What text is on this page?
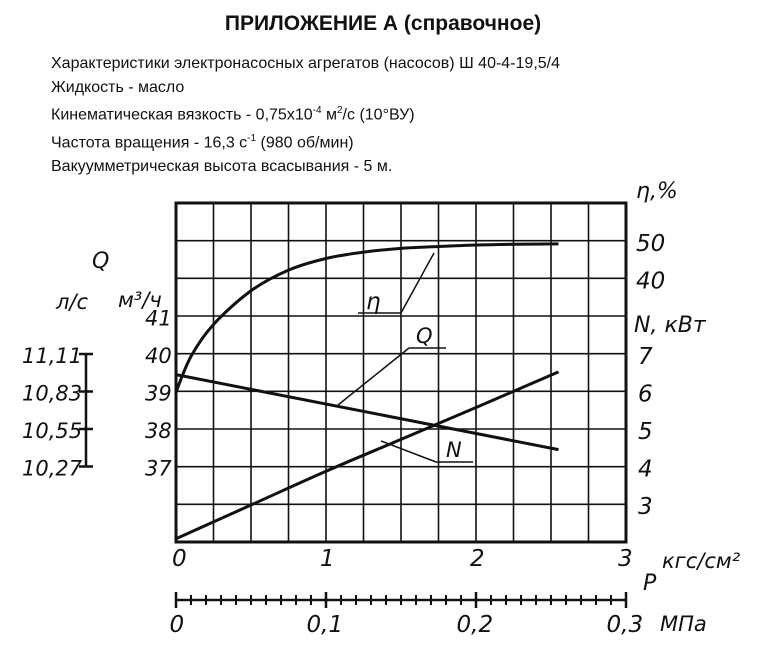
ПРИЛОЖЕНИЕ А (справочное)
Характеристики электронасосных агрегатов (насосов) Ш 40-4-19,5/4
Жидкость - масло
Кинематическая вязкость - $0,75x10^{-4}$ $м^2/с$ (10°ВУ)
Частота вращения - 16,3 $с^{-1}$ (980 об/мин)
Вакуумметрическая высота всасывания - 5 м.
η
Q
N
Q
м³/ч
л/с
37
38
39
40
41
11,11
10,83
10,55
10,27
η,%
40
50
N, кВт
3
4
5
6
7
0	1	2	3 кгс/см²
P
0	0,1	0,2	0,3 МПа
